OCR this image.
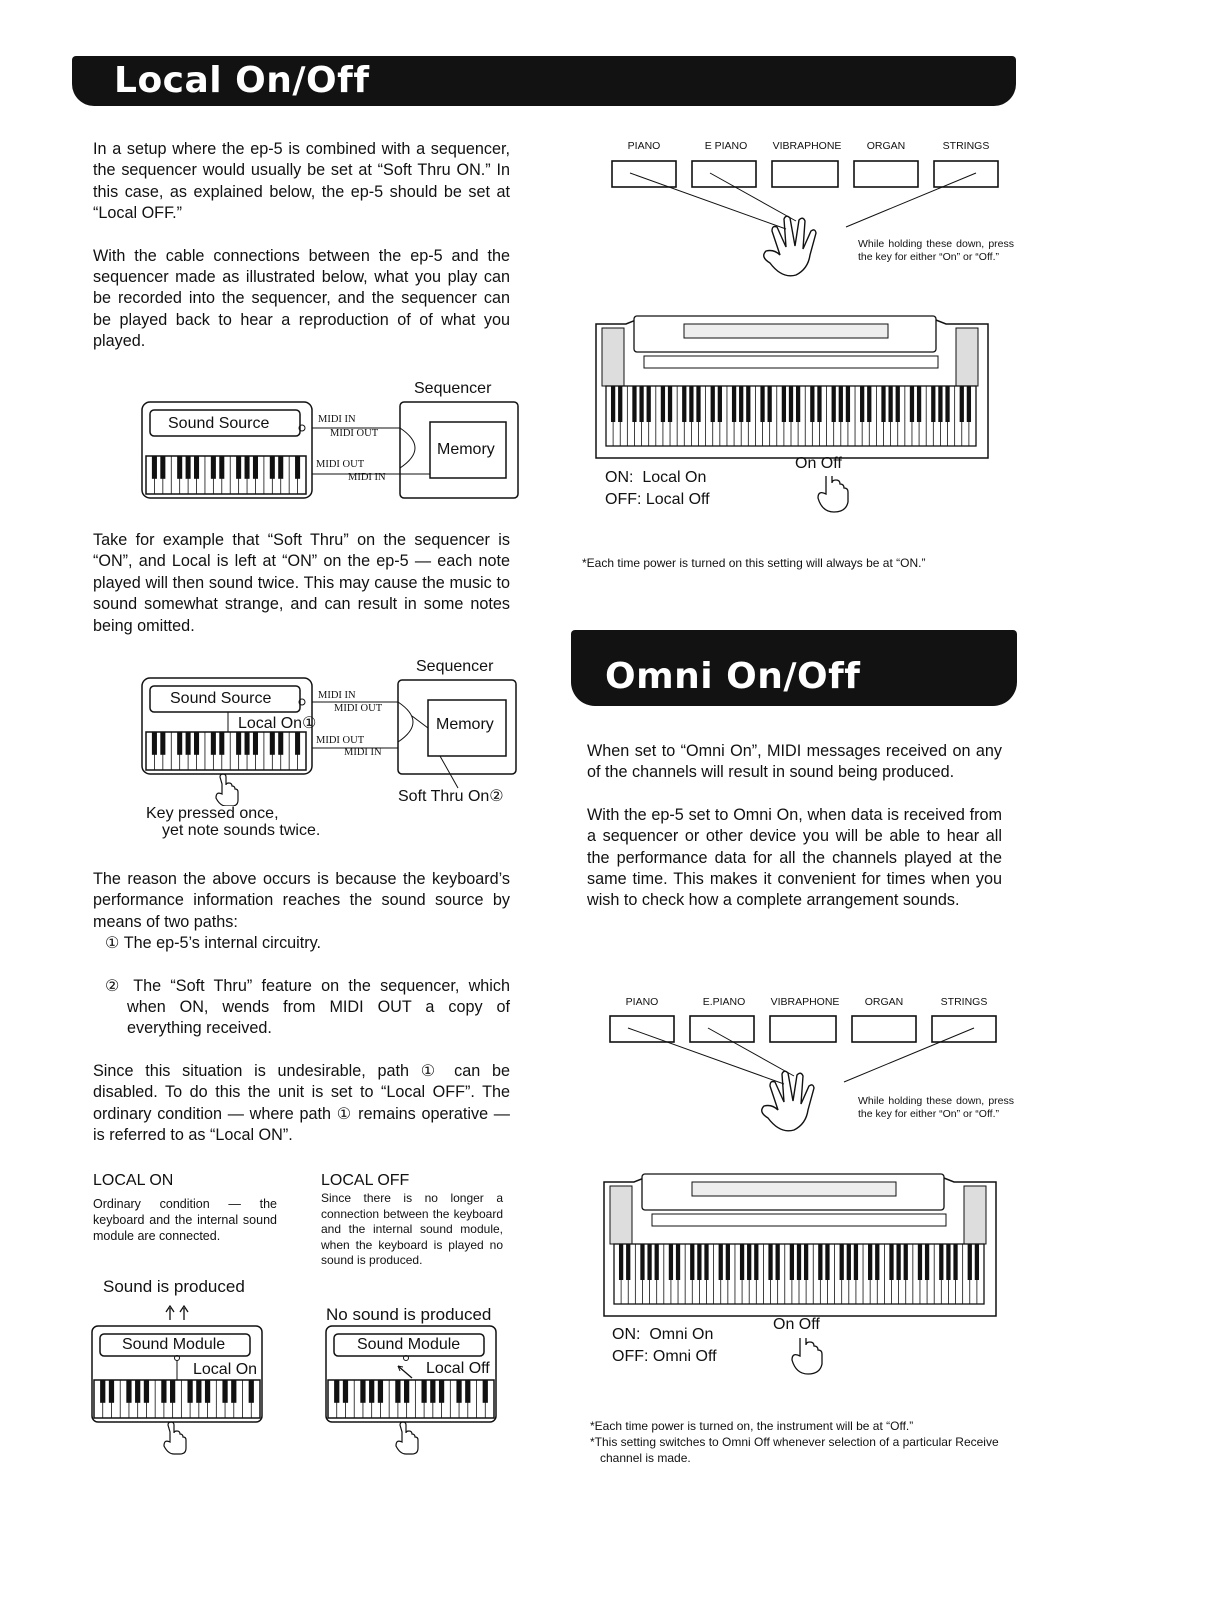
Local On/Off

In a setup where the ep-5 is combined with a sequencer, the sequencer would usually be set at “Soft Thru ON.” In this case, as explained below, the ep-5 should be set at “Local OFF.”

With the cable connections between the ep-5 and the sequencer made as illustrated below, what you play can be recorded into the sequencer, and the sequencer can be played back to hear a reproduction of of what you played.

Sequencer
MIDI IN
MIDI OUT
MIDI OUT
MIDI IN
Sound Source
Memory

Take for example that “Soft Thru” on the sequencer is “ON”, and Local is left at “ON” on the ep-5 — each note played will then sound twice. This may cause the music to sound somewhat strange, and can result in some notes being omitted.

Sequencer
MIDI IN
MIDI OUT
MIDI OUT
MIDI IN
Sound Source
Local On①	Memory
Soft Thru On②
Key pressed once,
yet note sounds twice.

The reason the above occurs is because the keyboard’s performance information reaches the sound source by means of two paths:

① The ep-5’s internal circuitry.

② The “Soft Thru” feature on the sequencer, which when ON, wends from MIDI OUT a copy of everything received.

Since this situation is undesirable, path ① can be disabled. To do this the unit is set to “Local OFF”. The ordinary condition — where path ① remains operative — is referred to as “Local ON”.

LOCAL ON
Ordinary condition — the keyboard and the internal sound module are connected.
Sound is produced
Sound Module
Local On
LOCAL OFF
Since there is no longer a connection between the keyboard and the internal sound module, when the keyboard is played no sound is produced.
No sound is produced
Sound Module
Local Off
PIANO	E PIANO	VIBRAPHONE	ORGAN	STRINGS
While holding these down, press the key for either “On” or “Off.”
On Off
ON:  Local On
OFF: Local Off
*Each time power is turned on this setting will always be at “ON.”
Omni On/Off

When set to “Omni On”, MIDI messages received on any of the channels will result in sound being produced.

With the ep-5 set to Omni On, when data is received from a sequencer or other device you will be able to hear all the performance data for all the channels played at the same time. This makes it convenient for times when you wish to check how a complete arrangement sounds.

PIANO	E.PIANO	VIBRAPHONE	ORGAN	STRINGS
While holding these down, press the key for either “On” or “Off.”
On Off
ON:  Omni On
OFF: Omni Off
*Each time power is turned on, the instrument will be at “Off.”
*This setting switches to Omni Off whenever selection of a particular Receive channel is made.
